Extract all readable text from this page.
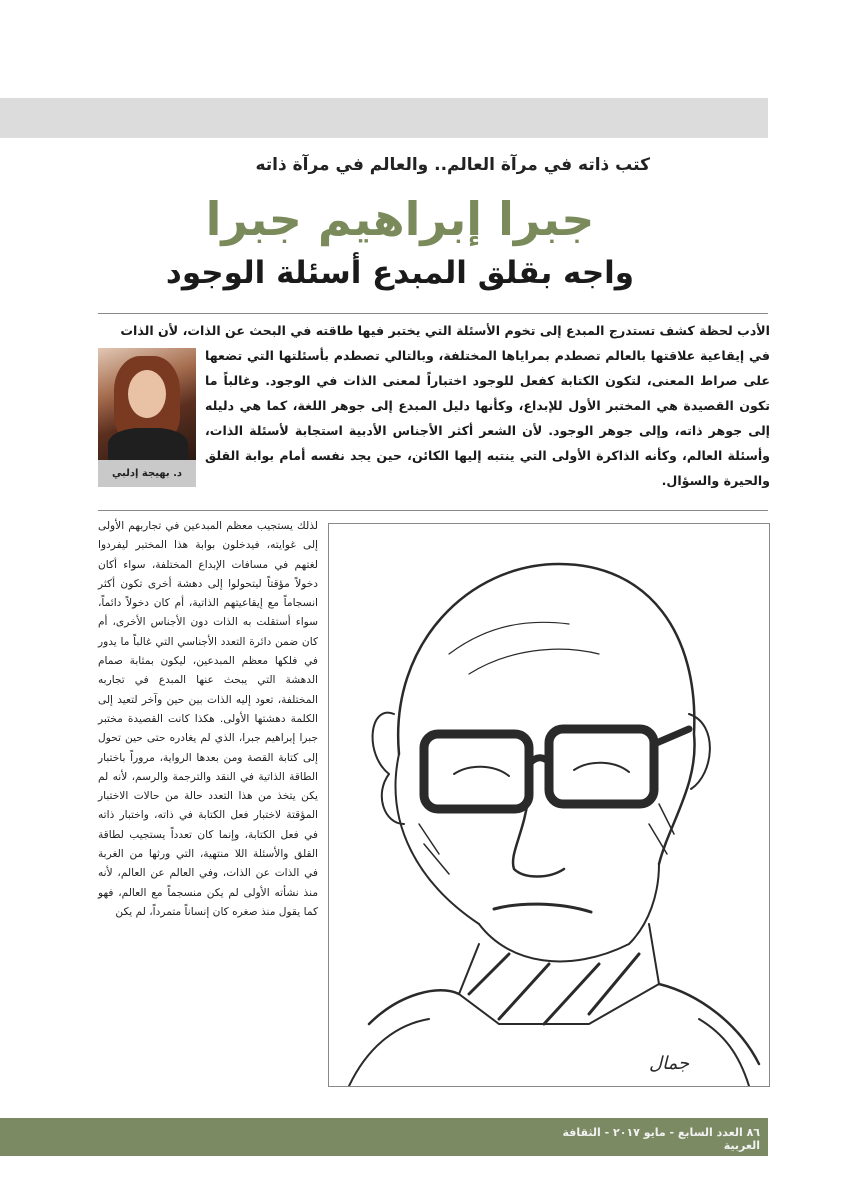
كتب ذاته في مرآة العالم.. والعالم في مرآة ذاته
جبرا إبراهيم جبرا
واجه بقلق المبدع أسئلة الوجود
الأدب لحظة كشف تستدرج المبدع إلى تخوم الأسئلة التي يختبر فيها طاقته في البحث عن الذات، لأن الذات
في إيقاعية علاقتها بالعالم تصطدم بمراياها المختلفة، وبالتالي تصطدم بأسئلتها التي تضعها على صراط المعنى، لتكون الكتابة كفعل للوجود اختباراً لمعنى الذات في الوجود. وغالباً ما تكون القصيدة هي المختبر الأول للإبداع، وكأنها دليل المبدع إلى جوهر اللغة، كما هي دليله إلى جوهر ذاته، وإلى جوهر الوجود. لأن الشعر أكثر الأجناس الأدبية استجابة لأسئلة الذات، وأسئلة العالم، وكأنه الذاكرة الأولى التي ينتبه إليها الكائن، حين يجد نفسه أمام بوابة القلق والحيرة والسؤال.
د. بهيجة إدلبي
لذلك يستجيب معظم المبدعين في تجاربهم الأولى إلى غوايته، فيدخلون بوابة هذا المختبر ليفردوا لغتهم في مسافات الإبداع المختلفة، سواء أكان دخولاً مؤقتاً ليتحولوا إلى دهشة أخرى تكون أكثر انسجاماً مع إيقاعيتهم الذاتية، أم كان دخولاً دائماً، سواء أستقلت به الذات دون الأجناس الأخرى، أم كان ضمن دائرة التعدد الأجناسي التي غالباً ما يدور في فلكها معظم المبدعين، ليكون بمثابة صمام الدهشة التي يبحث عنها المبدع في تجاربه المختلفة، تعود إليه الذات بين حين وآخر لتعيد إلى الكلمة دهشتها الأولى. هكذا كانت القصيدة مختبر جبرا إبراهيم جبرا، الذي لم يغادره حتى حين تحول إلى كتابة القصة ومن بعدها الرواية، مروراً باختبار الطاقة الذاتية في النقد والترجمة والرسم، لأنه لم يكن يتخذ من هذا التعدد حالة من حالات الاختبار المؤقتة لاختبار فعل الكتابة في ذاته، واختبار ذاته في فعل الكتابة، وإنما كان تعدداً يستجيب لطاقة القلق والأسئلة اللا منتهية، التي ورثها من الغربة في الذات عن الذات، وفي العالم عن العالم، لأنه منذ نشأته الأولى لم يكن منسجماً مع العالم، فهو كما يقول منذ صغره كان إنساناً متمرداً، لم يكن
جمال
٨٦ العدد السابع - مايو ٢٠١٧ - الثقافة العربية
